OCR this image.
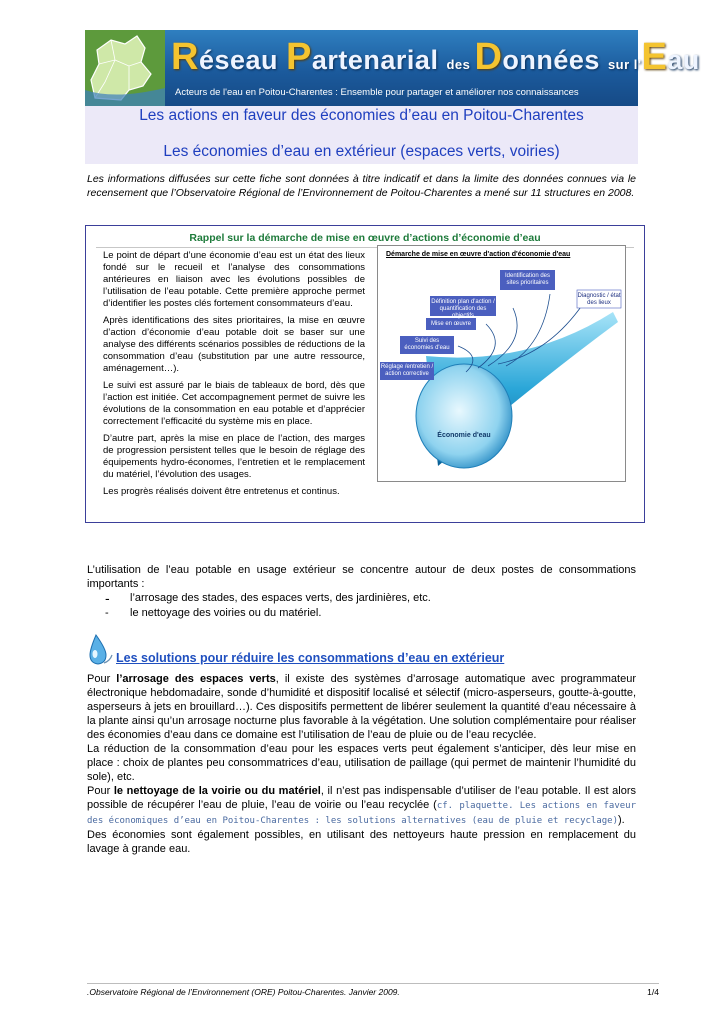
Réseau Partenarial des Données sur l'Eau
Acteurs de l'eau en Poitou-Charentes : Ensemble pour partager et améliorer nos connaissances
Les actions en faveur des économies d’eau en Poitou-Charentes
Les économies d’eau en extérieur (espaces verts, voiries)
Les informations diffusées sur cette fiche sont données à titre indicatif et dans la limite des données connues via le recensement que l’Observatoire Régional de l’Environnement de Poitou-Charentes a mené sur 11 structures en 2008.
Rappel sur la démarche de mise en œuvre d’actions d’économie d’eau

Le point de départ d’une économie d’eau est un état des lieux fondé sur le recueil et l’analyse des consommations antérieures en liaison avec les évolutions possibles de l’utilisation de l’eau potable. Cette première approche permet d’identifier les postes clés fortement consommateurs d’eau.

Après identifications des sites prioritaires, la mise en œuvre d’action d’économie d’eau potable doit se baser sur une analyse des différents scénarios possibles de réductions de la consommation d’eau (substitution par une autre ressource, aménagement…).

Le suivi est assuré par le biais de tableaux de bord, dès que l’action est initiée. Cet accompagnement permet de suivre les évolutions de la consommation en eau potable et d’apprécier correctement l’efficacité du système mis en place.

D’autre part, après la mise en place de l’action, des marges de progression persistent telles que le besoin de réglage des équipements hydro-économes, l’entretien et le remplacement du matériel, l’évolution des usages.

Les progrès réalisés doivent être entretenus et continus.

Démarche de mise en œuvre d'action d'économie d'eau
Identification des sites prioritaires
Diagnostic / état des lieux
Définition plan d'action / quantification des objectifs
Mise en œuvre
Suivi des économies d'eau
Réglage /entretien / action corrective
Économie d'eau
L’utilisation de l’eau potable en usage extérieur se concentre autour de deux postes de consommations importants :
- l’arrosage des stades, des espaces verts, des jardinières, etc.
- le nettoyage des voiries ou du matériel.
Les solutions pour réduire les consommations d’eau en extérieur

Pour l’arrosage des espaces verts, il existe des systèmes d’arrosage automatique avec programmateur électronique hebdomadaire, sonde d’humidité et dispositif localisé et sélectif (micro-asperseurs, goutte-à-goutte, asperseurs à jets en brouillard…). Ces dispositifs permettent de libérer seulement la quantité d’eau nécessaire à la plante ainsi qu’un arrosage nocturne plus favorable à la végétation. Une solution complémentaire pour réaliser des économies d’eau dans ce domaine est l’utilisation de l’eau de pluie ou de l’eau recyclée.

La réduction de la consommation d’eau pour les espaces verts peut également s’anticiper, dès leur mise en place : choix de plantes peu consommatrices d’eau, utilisation de paillage (qui permet de maintenir l’humidité du sole), etc.

Pour le nettoyage de la voirie ou du matériel, il n’est pas indispensable d’utiliser de l’eau potable. Il est alors possible de récupérer l’eau de pluie, l’eau de voirie ou l’eau recyclée (cf. plaquette. Les actions en faveur des économiques d’eau en Poitou-Charentes : les solutions alternatives (eau de pluie et recyclage)).

Des économies sont également possibles, en utilisant des nettoyeurs haute pression en remplacement du lavage à grande eau.

.Observatoire Régional de l’Environnement (ORE) Poitou-Charentes. Janvier 2009.	1/4
